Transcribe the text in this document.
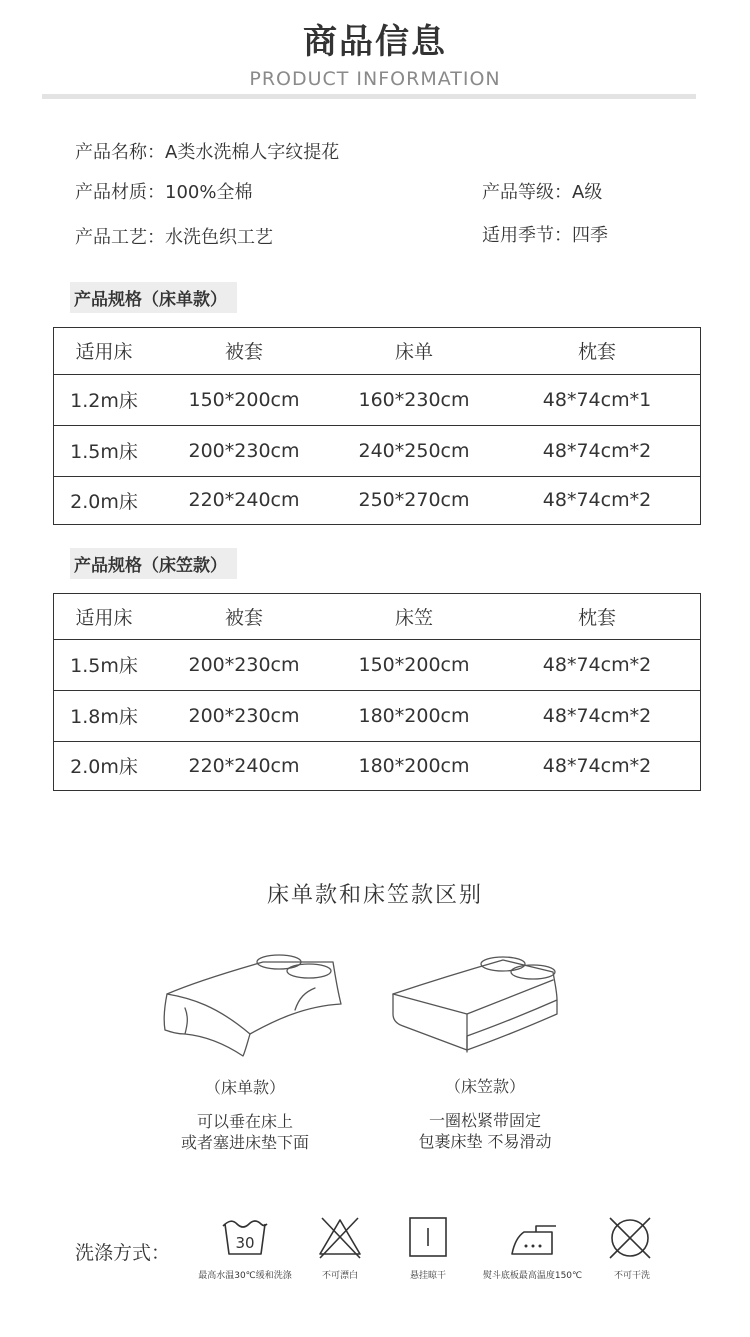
商品信息
PRODUCT INFORMATION
产品名称：A类水洗棉人字纹提花
产品材质：100%全棉	产品等级：A级
产品工艺：水洗色织工艺	适用季节：四季
产品规格（床单款）
适用床	被套	床单	枕套
1.2m床	150*200cm	160*230cm	48*74cm*1
1.5m床	200*230cm	240*250cm	48*74cm*2
2.0m床	220*240cm	250*270cm	48*74cm*2
产品规格（床笠款）
适用床	被套	床笠	枕套
1.5m床	200*230cm	150*200cm	48*74cm*2
1.8m床	200*230cm	180*200cm	48*74cm*2
2.0m床	220*240cm	180*200cm	48*74cm*2
床单款和床笠款区别
（床单款）
可以垂在床上
或者塞进床垫下面
（床笠款）
一圈松紧带固定
包裹床垫 不易滑动
洗涤方式：	30
最高水温30℃缓和洗涤	不可漂白	悬挂晾干	熨斗底板最高温度150℃	不可干洗
